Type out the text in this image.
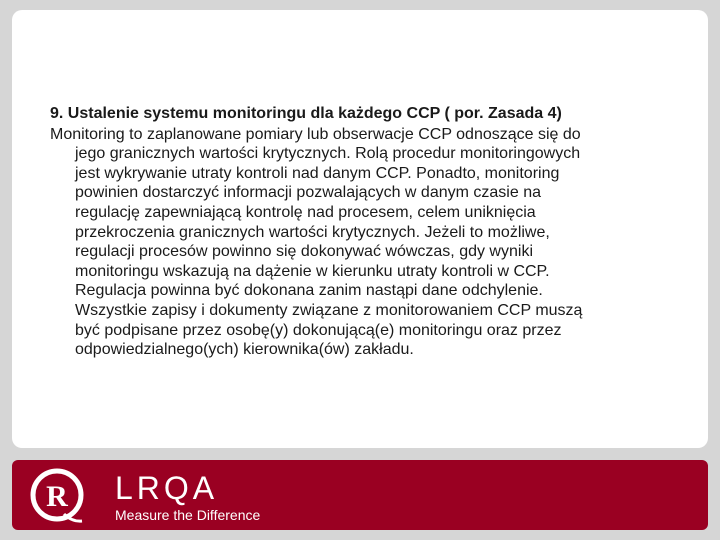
9. Ustalenie systemu monitoringu dla każdego CCP ( por. Zasada 4)
Monitoring to zaplanowane pomiary lub obserwacje CCP odnoszące się do
jego granicznych wartości krytycznych. Rolą procedur monitoringowych
jest wykrywanie utraty kontroli nad danym CCP. Ponadto, monitoring
powinien dostarczyć informacji pozwalających w danym czasie na
regulację zapewniającą kontrolę nad procesem, celem uniknięcia
przekroczenia granicznych wartości krytycznych. Jeżeli to możliwe,
regulacji procesów powinno się dokonywać wówczas, gdy wyniki
monitoringu wskazują na dążenie w kierunku utraty kontroli w CCP.
Regulacja powinna być dokonana zanim nastąpi dane odchylenie.
Wszystkie zapisy i dokumenty związane z monitorowaniem CCP muszą
być podpisane przez osobę(y) dokonującą(e) monitoringu oraz przez
odpowiedzialnego(ych) kierownika(ów) zakładu.
R LRQA
Measure the Difference
